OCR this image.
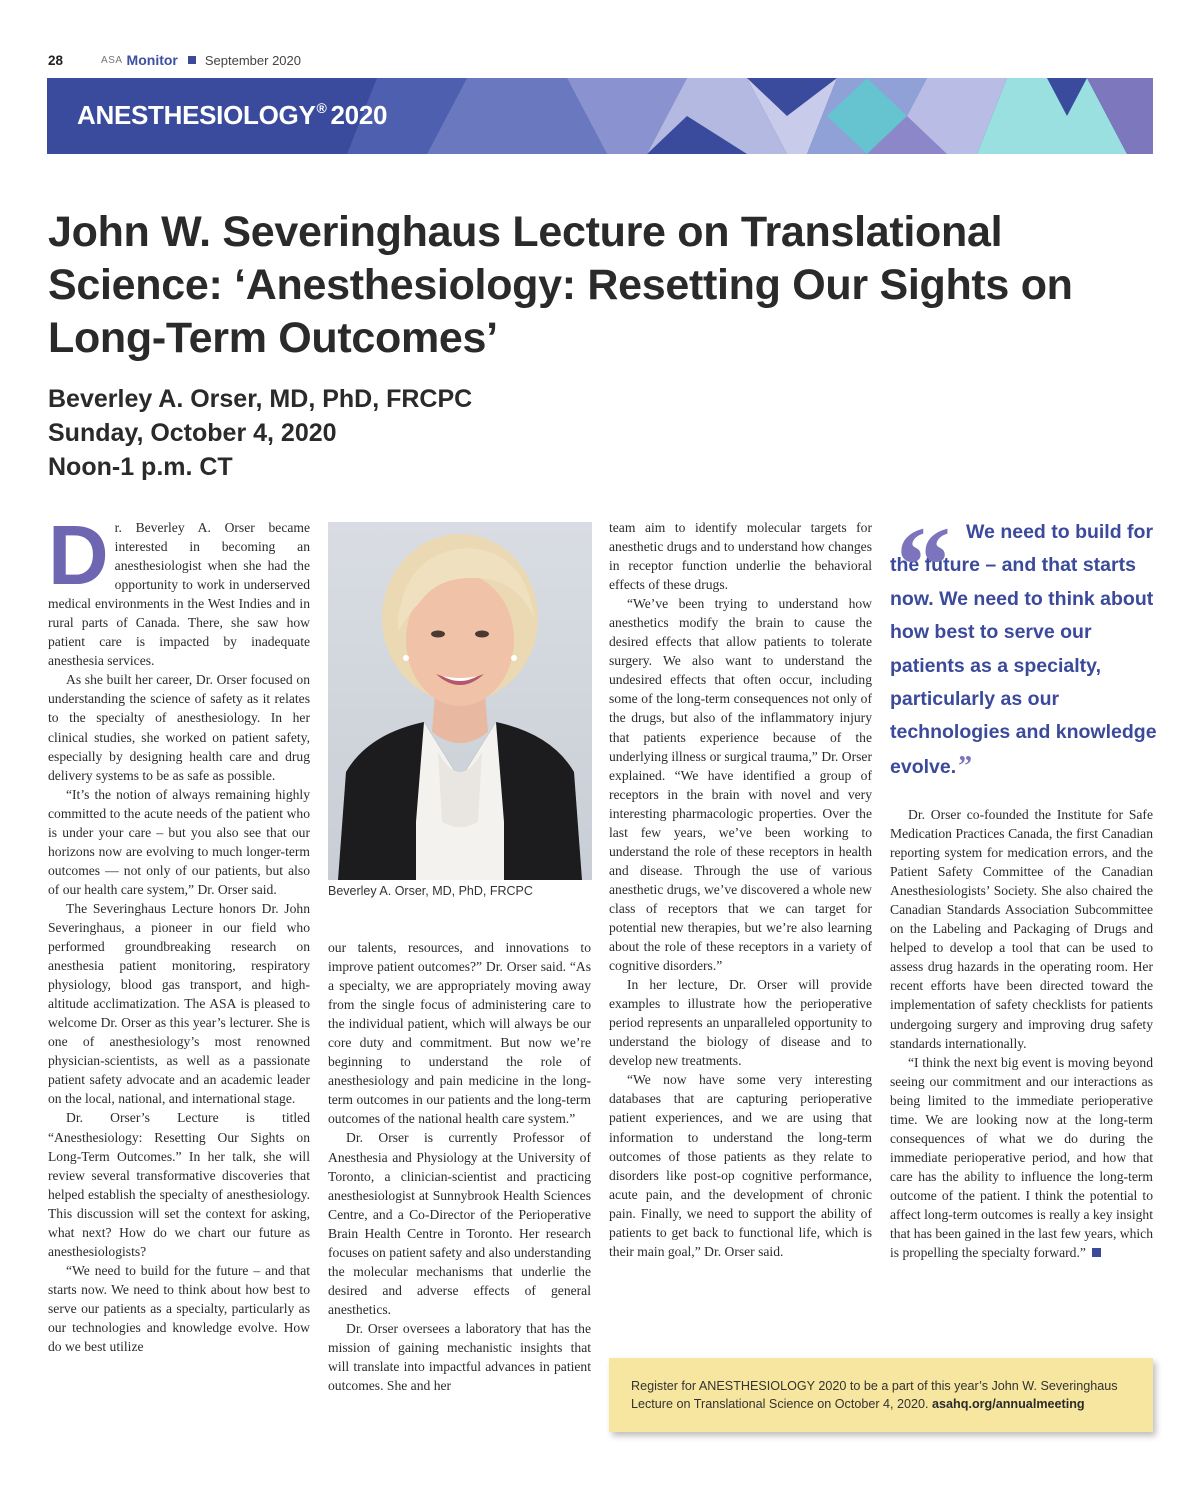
28	ASA Monitor September 2020
ANESTHESIOLOGY® 2020
John W. Severinghaus Lecture on Translational Science: ‘Anesthesiology: Resetting Our Sights on Long-Term Outcomes’
Beverley A. Orser, MD, PhD, FRCPC
Sunday, October 4, 2020
Noon-1 p.m. CT

Dr. Beverley A. Orser became interested in becoming an anesthesiologist when she had the opportunity to work in underserved medical environments in the West Indies and in rural parts of Canada. There, she saw how patient care is impacted by inadequate anesthesia services.

As she built her career, Dr. Orser focused on understanding the science of safety as it relates to the specialty of anesthesiology. In her clinical studies, she worked on patient safety, especially by designing health care and drug delivery systems to be as safe as possible.

“It’s the notion of always remaining highly committed to the acute needs of the patient who is under your care – but you also see that our horizons now are evolving to much longer-term outcomes — not only of our patients, but also of our health care system,” Dr. Orser said.

The Severinghaus Lecture honors Dr. John Severinghaus, a pioneer in our field who performed groundbreaking research on anesthesia patient monitoring, respiratory physiology, blood gas transport, and high-altitude acclimatization. The ASA is pleased to welcome Dr. Orser as this year’s lecturer. She is one of anesthesiology’s most renowned physician-scientists, as well as a passionate patient safety advocate and an academic leader on the local, national, and international stage.

Dr. Orser’s Lecture is titled “Anesthesiology: Resetting Our Sights on Long-Term Outcomes.” In her talk, she will review several transformative discoveries that helped establish the specialty of anesthesiology. This discussion will set the context for asking, what next? How do we chart our future as anesthesiologists?

“We need to build for the future – and that starts now. We need to think about how best to serve our patients as a specialty, particularly as our technologies and knowledge evolve. How do we best utilize

Beverley A. Orser, MD, PhD, FRCPC

our talents, resources, and innovations to improve patient outcomes?” Dr. Orser said. “As a specialty, we are appropriately moving away from the single focus of administering care to the individual patient, which will always be our core duty and commitment. But now we’re beginning to understand the role of anesthesiology and pain medicine in the long-term outcomes in our patients and the long-term outcomes of the national health care system.”

Dr. Orser is currently Professor of Anesthesia and Physiology at the University of Toronto, a clinician-scientist and practicing anesthesiologist at Sunnybrook Health Sciences Centre, and a Co-Director of the Perioperative Brain Health Centre in Toronto. Her research focuses on patient safety and also understanding the molecular mechanisms that underlie the desired and adverse effects of general anesthetics.

Dr. Orser oversees a laboratory that has the mission of gaining mechanistic insights that will translate into impactful advances in patient outcomes. She and her

team aim to identify molecular targets for anesthetic drugs and to understand how changes in receptor function underlie the behavioral effects of these drugs.

“We’ve been trying to understand how anesthetics modify the brain to cause the desired effects that allow patients to tolerate surgery. We also want to understand the undesired effects that often occur, including some of the long-term consequences not only of the drugs, but also of the inflammatory injury that patients experience because of the underlying illness or surgical trauma,” Dr. Orser explained. “We have identified a group of receptors in the brain with novel and very interesting pharmacologic properties. Over the last few years, we’ve been working to understand the role of these receptors in health and disease. Through the use of various anesthetic drugs, we’ve discovered a whole new class of receptors that we can target for potential new therapies, but we’re also learning about the role of these receptors in a variety of cognitive disorders.”

In her lecture, Dr. Orser will provide examples to illustrate how the perioperative period represents an unparalleled opportunity to understand the biology of disease and to develop new treatments.

“We now have some very interesting databases that are capturing perioperative patient experiences, and we are using that information to understand the long-term outcomes of those patients as they relate to disorders like post-op cognitive performance, acute pain, and the development of chronic pain. Finally, we need to support the ability of patients to get back to functional life, which is their main goal,” Dr. Orser said.

“ We need to build for the future – and that starts now. We need to think about how best to serve our patients as a specialty, particularly as our technologies and knowledge evolve.”

Dr. Orser co-founded the Institute for Safe Medication Practices Canada, the first Canadian reporting system for medication errors, and the Patient Safety Committee of the Canadian Anesthesiologists’ Society. She also chaired the Canadian Standards Association Subcommittee on the Labeling and Packaging of Drugs and helped to develop a tool that can be used to assess drug hazards in the operating room. Her recent efforts have been directed toward the implementation of safety checklists for patients undergoing surgery and improving drug safety standards internationally.

“I think the next big event is moving beyond seeing our commitment and our interactions as being limited to the immediate perioperative time. We are looking now at the long-term consequences of what we do during the immediate perioperative period, and how that care has the ability to influence the long-term outcome of the patient. I think the potential to affect long-term outcomes is really a key insight that has been gained in the last few years, which is propelling the specialty forward.”

Register for ANESTHESIOLOGY 2020 to be a part of this year’s John W. Severinghaus Lecture on Translational Science on October 4, 2020. asahq.org/annualmeeting
